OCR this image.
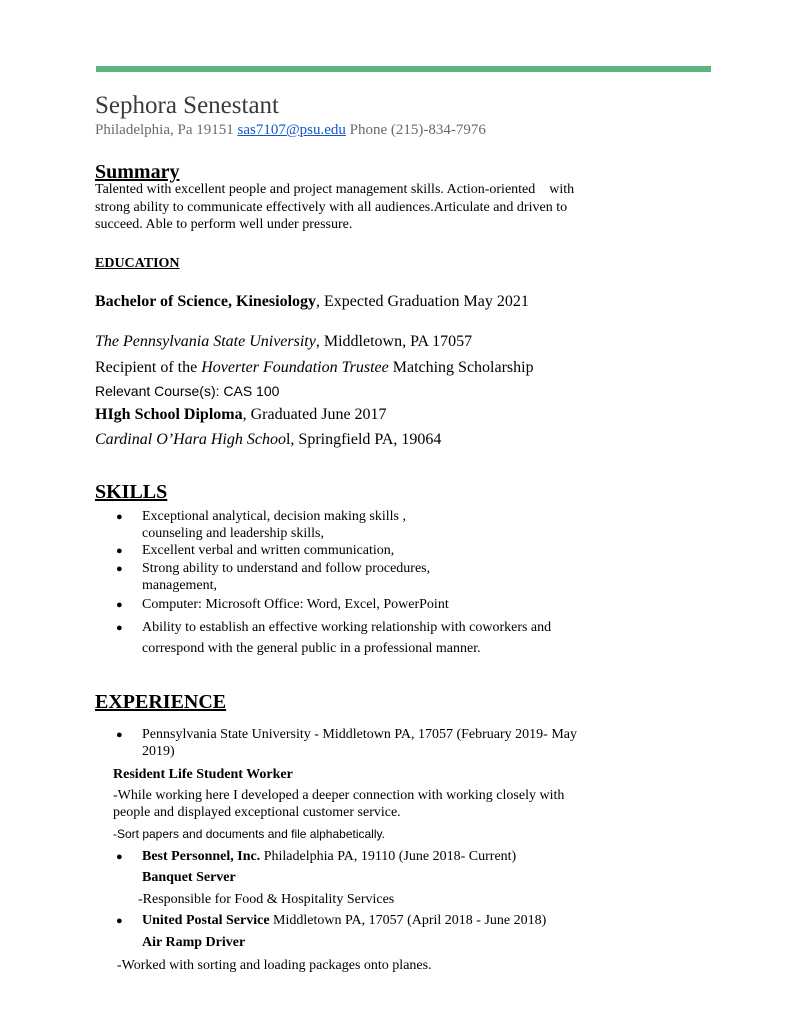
Sephora Senestant
Philadelphia, Pa 19151 sas7107@psu.edu Phone (215)-834-7976
Summary
Talented with excellent people and project management skills. Action-oriented    with
strong ability to communicate effectively with all audiences.Articulate and driven to
succeed. Able to perform well under pressure.
EDUCATION
Bachelor of Science, Kinesiology, Expected Graduation May 2021
The Pennsylvania State University, Middletown, PA 17057
Recipient of the Hoverter Foundation Trustee Matching Scholarship
Relevant Course(s): CAS 100
HIgh School Diploma, Graduated June 2017
Cardinal O’Hara High School, Springfield PA, 19064
SKILLS
● Exceptional analytical, decision making skills ,
counseling and leadership skills,
● Excellent verbal and written communication,
● Strong ability to understand and follow procedures,
management,
● Computer: Microsoft Office: Word, Excel, PowerPoint
● Ability to establish an effective working relationship with coworkers and
correspond with the general public in a professional manner.
EXPERIENCE
● Pennsylvania State University - Middletown PA, 17057 (February 2019- May
2019)
Resident Life Student Worker
-While working here I developed a deeper connection with working closely with
people and displayed exceptional customer service.
-Sort papers and documents and file alphabetically.
● Best Personnel, Inc. Philadelphia PA, 19110 (June 2018- Current)
Banquet Server
-Responsible for Food & Hospitality Services
● United Postal Service Middletown PA, 17057 (April 2018 - June 2018)
Air Ramp Driver
-Worked with sorting and loading packages onto planes.
